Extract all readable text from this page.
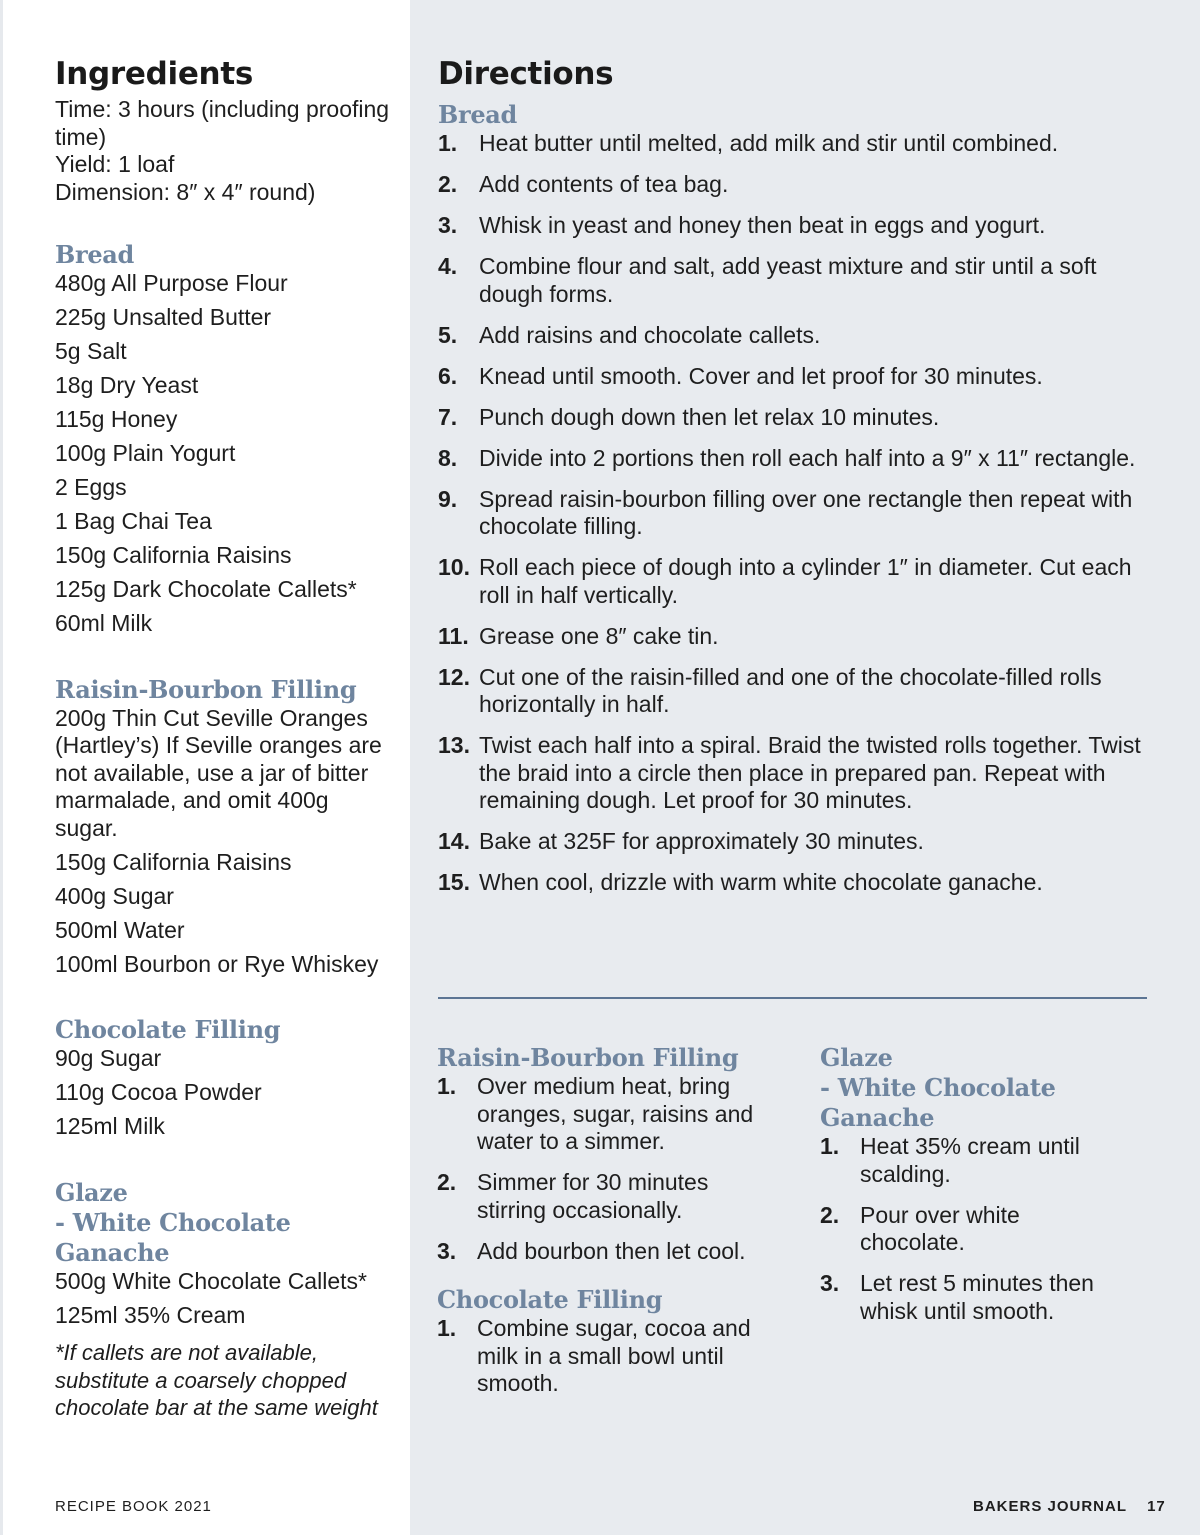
Ingredients
Time: 3 hours (including proofing time)
Yield: 1 loaf
Dimension: 8″ x 4″ round)
Bread
480g All Purpose Flour
225g Unsalted Butter
5g Salt
18g Dry Yeast
115g Honey
100g Plain Yogurt
2 Eggs
1 Bag Chai Tea
150g California Raisins
125g Dark Chocolate Callets*
60ml Milk
Raisin-Bourbon Filling
200g Thin Cut Seville Oranges (Hartley’s) If Seville oranges are not available, use a jar of bitter marmalade, and omit 400g sugar.
150g California Raisins
400g Sugar
500ml Water
100ml Bourbon or Rye Whiskey
Chocolate Filling
90g Sugar
110g Cocoa Powder
125ml Milk
Glaze
- White Chocolate Ganache
500g White Chocolate Callets*
125ml 35% Cream
*If callets are not available, substitute a coarsely chopped chocolate bar at the same weight
Directions
Bread
1. Heat butter until melted, add milk and stir until combined.
2. Add contents of tea bag.
3. Whisk in yeast and honey then beat in eggs and yogurt.
4. Combine flour and salt, add yeast mixture and stir until a soft dough forms.
5. Add raisins and chocolate callets.
6. Knead until smooth. Cover and let proof for 30 minutes.
7. Punch dough down then let relax 10 minutes.
8. Divide into 2 portions then roll each half into a 9″ x 11″ rectangle.
9. Spread raisin-bourbon filling over one rectangle then repeat with chocolate filling.
10. Roll each piece of dough into a cylinder 1″ in diameter. Cut each roll in half vertically.
11. Grease one 8″ cake tin.
12. Cut one of the raisin-filled and one of the chocolate-filled rolls horizontally in half.
13. Twist each half into a spiral. Braid the twisted rolls together. Twist the braid into a circle then place in prepared pan. Repeat with remaining dough. Let proof for 30 minutes.
14. Bake at 325F for approximately 30 minutes.
15. When cool, drizzle with warm white chocolate ganache.
Raisin-Bourbon Filling
1. Over medium heat, bring oranges, sugar, raisins and water to a simmer.
2. Simmer for 30 minutes stirring occasionally.
3. Add bourbon then let cool.
Chocolate Filling
1. Combine sugar, cocoa and milk in a small bowl until smooth.
Glaze
- White Chocolate Ganache
1. Heat 35% cream until scalding.
2. Pour over white chocolate.
3. Let rest 5 minutes then whisk until smooth.
RECIPE BOOK 2021	BAKERS JOURNAL 17
